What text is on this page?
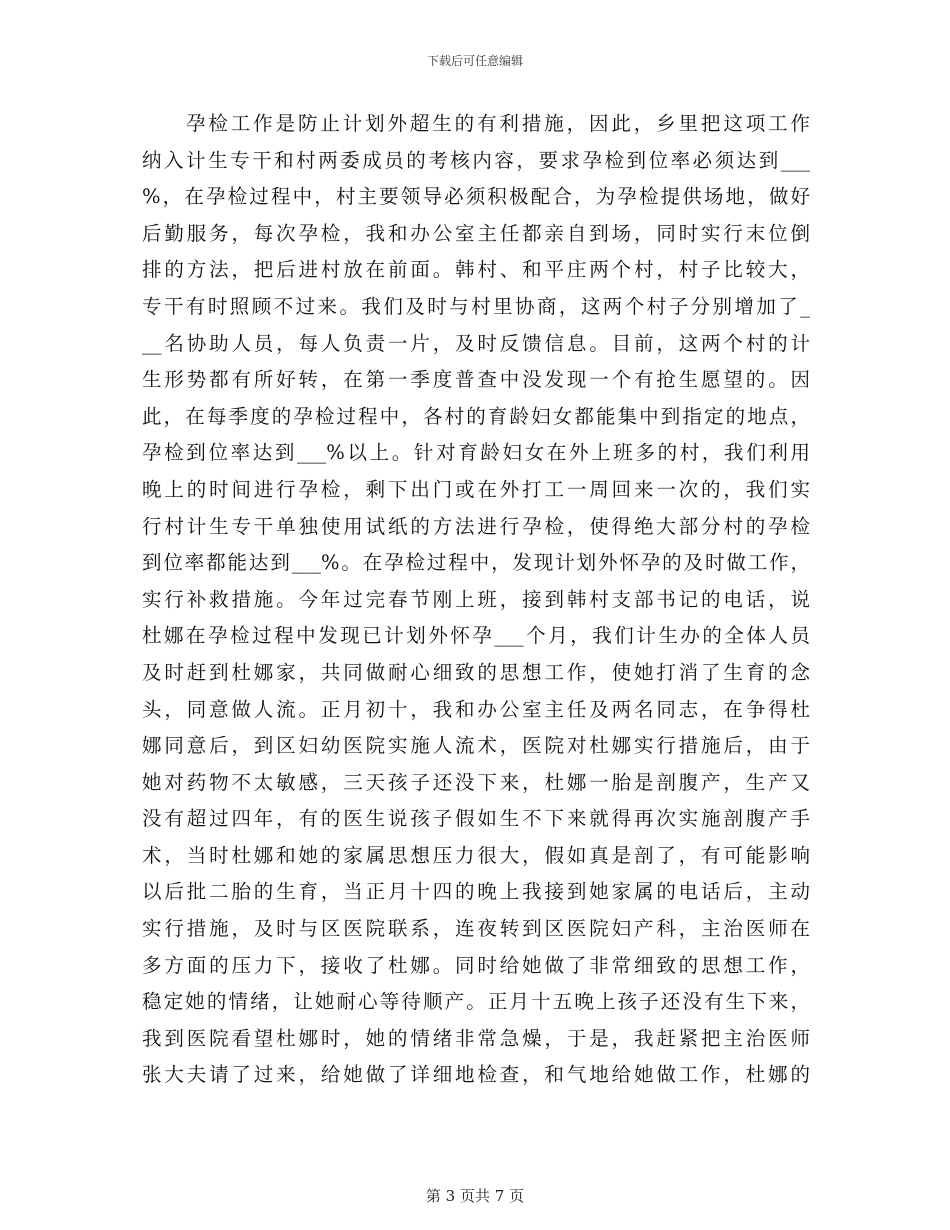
下载后可任意编辑
孕检工作是防止计划外超生的有利措施，因此，乡里把这项工作
纳入计生专干和村两委成员的考核内容，要求孕检到位率必须达到___
%，在孕检过程中，村主要领导必须积极配合，为孕检提供场地，做好
后勤服务，每次孕检，我和办公室主任都亲自到场，同时实行末位倒
排的方法，把后进村放在前面。韩村、和平庄两个村，村子比较大，
专干有时照顾不过来。我们及时与村里协商，这两个村子分别增加了_
__名协助人员，每人负责一片，及时反馈信息。目前，这两个村的计
生形势都有所好转，在第一季度普查中没发现一个有抢生愿望的。因
此，在每季度的孕检过程中，各村的育龄妇女都能集中到指定的地点，
孕检到位率达到___%以上。针对育龄妇女在外上班多的村，我们利用
晚上的时间进行孕检，剩下出门或在外打工一周回来一次的，我们实
行村计生专干单独使用试纸的方法进行孕检，使得绝大部分村的孕检
到位率都能达到___%。在孕检过程中，发现计划外怀孕的及时做工作，
实行补救措施。今年过完春节刚上班，接到韩村支部书记的电话，说
杜娜在孕检过程中发现已计划外怀孕___个月，我们计生办的全体人员
及时赶到杜娜家，共同做耐心细致的思想工作，使她打消了生育的念
头，同意做人流。正月初十，我和办公室主任及两名同志，在争得杜
娜同意后，到区妇幼医院实施人流术，医院对杜娜实行措施后，由于
她对药物不太敏感，三天孩子还没下来，杜娜一胎是剖腹产，生产又
没有超过四年，有的医生说孩子假如生不下来就得再次实施剖腹产手
术，当时杜娜和她的家属思想压力很大，假如真是剖了，有可能影响
以后批二胎的生育，当正月十四的晚上我接到她家属的电话后，主动
实行措施，及时与区医院联系，连夜转到区医院妇产科，主治医师在
多方面的压力下，接收了杜娜。同时给她做了非常细致的思想工作，
稳定她的情绪，让她耐心等待顺产。正月十五晚上孩子还没有生下来，
我到医院看望杜娜时，她的情绪非常急燥，于是，我赶紧把主治医师
张大夫请了过来，给她做了详细地检查，和气地给她做工作，杜娜的
第 3 页共 7 页
